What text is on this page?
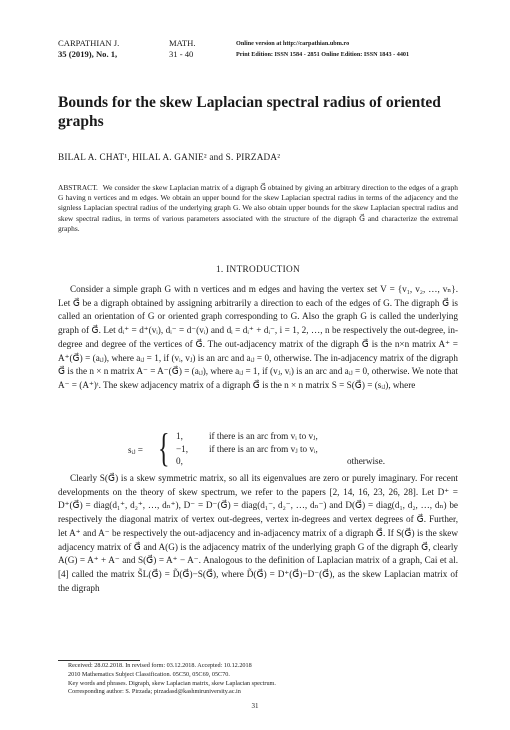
CARPATHIAN J.
35 (2019), No. 1,
MATH.
31 - 40
Online version at http://carpathian.ubm.ro
Print Edition: ISSN 1584 - 2851 Online Edition: ISSN 1843 - 4401
Bounds for the skew Laplacian spectral radius of oriented graphs
BILAL A. CHAT¹, HILAL A. GANIE² and S. PIRZADA²
ABSTRACT. We consider the skew Laplacian matrix of a digraph G⃗ obtained by giving an arbitrary direction to the edges of a graph G having n vertices and m edges. We obtain an upper bound for the skew Laplacian spectral radius in terms of the adjacency and the signless Laplacian spectral radius of the underlying graph G. We also obtain upper bounds for the skew Laplacian spectral radius and skew spectral radius, in terms of various parameters associated with the structure of the digraph G⃗ and characterize the extremal graphs.
1. INTRODUCTION

Consider a simple graph G with n vertices and m edges and having the vertex set V = {v₁, v₂, …, vₙ}. Let G⃗ be a digraph obtained by assigning arbitrarily a direction to each of the edges of G. The digraph G⃗ is called an orientation of G or oriented graph corresponding to G. Also the graph G is called the underlying graph of G⃗. Let dᵢ⁺ = d⁺(vᵢ), dᵢ⁻ = d⁻(vᵢ) and dᵢ = dᵢ⁺ + dᵢ⁻, i = 1, 2, …, n be respectively the out-degree, in-degree and degree of the vertices of G⃗. The out-adjacency matrix of the digraph G⃗ is the n×n matrix A⁺ = A⁺(G⃗) = (aᵢⱼ), where aᵢⱼ = 1, if (vᵢ, vⱼ) is an arc and aᵢⱼ = 0, otherwise. The in-adjacency matrix of the digraph G⃗ is the n × n matrix A⁻ = A⁻(G⃗) = (aᵢⱼ), where aᵢⱼ = 1, if (vⱼ, vᵢ) is an arc and aᵢⱼ = 0, otherwise. We note that A⁻ = (A⁺)ᵗ. The skew adjacency matrix of a digraph G⃗ is the n × n matrix S = S(G⃗) = (sᵢⱼ), where

sᵢⱼ = { 1,	if there is an arc from vᵢ to vⱼ,
−1,	if there is an arc from vⱼ to vᵢ,
0,	otherwise.

Clearly S(G⃗) is a skew symmetric matrix, so all its eigenvalues are zero or purely imaginary. For recent developments on the theory of skew spectrum, we refer to the papers [2, 14, 16, 23, 26, 28]. Let D⁺ = D⁺(G⃗) = diag(d₁⁺, d₂⁺, …, dₙ⁺), D⁻ = D⁻(G⃗) = diag(d₁⁻, d₂⁻, …, dₙ⁻) and D(G⃗) = diag(d₁, d₂, …, dₙ) be respectively the diagonal matrix of vertex out-degrees, vertex in-degrees and vertex degrees of G⃗. Further, let A⁺ and A⁻ be respectively the out-adjacency and in-adjacency matrix of a digraph G⃗. If S(G⃗) is the skew adjacency matrix of G⃗ and A(G) is the adjacency matrix of the underlying graph G of the digraph G⃗, clearly A(G) = A⁺ + A⁻ and S(G⃗) = A⁺ − A⁻. Analogous to the definition of Laplacian matrix of a graph, Cai et al. [4] called the matrix S̃L(G⃗) = D̃(G⃗)−S(G⃗), where D̃(G⃗) = D⁺(G⃗)−D⁻(G⃗), as the skew Laplacian matrix of the digraph

Received: 28.02.2018. In revised form: 03.12.2018. Accepted: 10.12.2018
2010 Mathematics Subject Classification. 05C50, 05C69, 05C70.
Key words and phrases. Digraph, skew Laplacian matrix, skew Laplacian spectrum.
Corresponding author: S. Pirzada; pirzadasd@kashmiruniversity.ac.in
31
